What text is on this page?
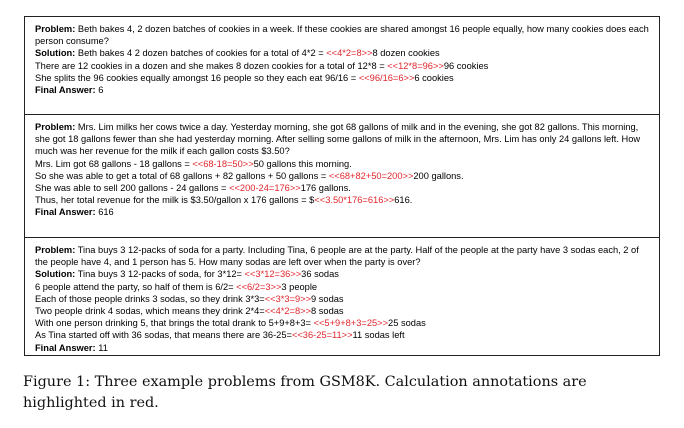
Problem: Beth bakes 4, 2 dozen batches of cookies in a week. If these cookies are shared amongst 16 people equally, how many cookies does each person consume?
Solution: Beth bakes 4 2 dozen batches of cookies for a total of 4*2 = <<4*2=8>>8 dozen cookies
There are 12 cookies in a dozen and she makes 8 dozen cookies for a total of 12*8 = <<12*8=96>>96 cookies
She splits the 96 cookies equally amongst 16 people so they each eat 96/16 = <<96/16=6>>6 cookies
Final Answer: 6
Problem: Mrs. Lim milks her cows twice a day. Yesterday morning, she got 68 gallons of milk and in the evening, she got 82 gallons. This morning, she got 18 gallons fewer than she had yesterday morning. After selling some gallons of milk in the afternoon, Mrs. Lim has only 24 gallons left. How much was her revenue for the milk if each gallon costs $3.50?
Mrs. Lim got 68 gallons - 18 gallons = <<68-18=50>>50 gallons this morning.
So she was able to get a total of 68 gallons + 82 gallons + 50 gallons = <<68+82+50=200>>200 gallons.
She was able to sell 200 gallons - 24 gallons = <<200-24=176>>176 gallons.
Thus, her total revenue for the milk is $3.50/gallon x 176 gallons = $<<3.50*176=616>>616.
Final Answer: 616
Problem: Tina buys 3 12-packs of soda for a party. Including Tina, 6 people are at the party. Half of the people at the party have 3 sodas each, 2 of the people have 4, and 1 person has 5. How many sodas are left over when the party is over?
Solution: Tina buys 3 12-packs of soda, for 3*12= <<3*12=36>>36 sodas
6 people attend the party, so half of them is 6/2= <<6/2=3>>3 people
Each of those people drinks 3 sodas, so they drink 3*3=<<3*3=9>>9 sodas
Two people drink 4 sodas, which means they drink 2*4=<<4*2=8>>8 sodas
With one person drinking 5, that brings the total drank to 5+9+8+3= <<5+9+8+3=25>>25 sodas
As Tina started off with 36 sodas, that means there are 36-25=<<36-25=11>>11 sodas left
Final Answer: 11
Figure 1: Three example problems from GSM8K. Calculation annotations are highlighted in red.
